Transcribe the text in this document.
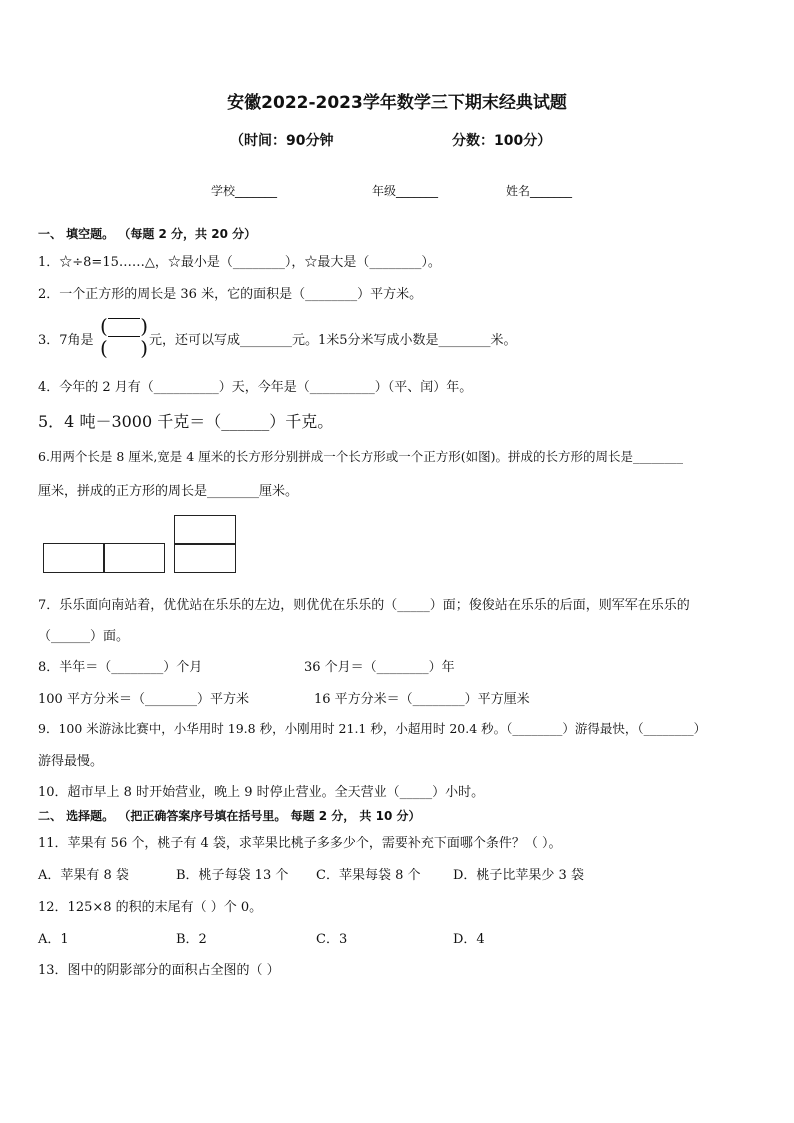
安徽2022-2023学年数学三下期末经典试题
（时间：90分钟	分数：100分）
学校_______	年级_______	姓名_______
一、 填空题。 （每题 2 分，共 20 分）
1．☆÷8=15……△，☆最小是（________），☆最大是（________）。
2．一个正方形的周长是 36 米，它的面积是（________）平方米。
3．7角是
( )
( ) 元，还可以写成________元。1米5分米写成小数是________米。
4．今年的 2 月有（__________）天，今年是（__________）（平、闰）年。
5．4 吨－3000 千克＝（______）千克。
6.用两个长是 8 厘米,宽是 4 厘米的长方形分别拼成一个长方形或一个正方形(如图)。拼成的长方形的周长是________
厘米，拼成的正方形的周长是________厘米。
7．乐乐面向南站着，优优站在乐乐的左边，则优优在乐乐的（_____）面；俊俊站在乐乐的后面，则军军在乐乐的
（______）面。
8．半年＝（________）个月	36 个月＝（________）年
100 平方分米＝（________）平方米	16 平方分米＝（________）平方厘米
9．100 米游泳比赛中，小华用时 19.8 秒，小刚用时 21.1 秒，小超用时 20.4 秒。（________）游得最快，（________）
游得最慢。
10．超市早上 8 时开始营业，晚上 9 时停止营业。全天营业（_____）小时。
二、 选择题。 （把正确答案序号填在括号里。 每题 2 分， 共 10 分）
11．苹果有 56 个，桃子有 4 袋，求苹果比桃子多多少个，需要补充下面哪个条件？（ ）。
A．苹果有 8 袋	B．桃子每袋 13 个 C．苹果每袋 8 个	D．桃子比苹果少 3 袋
12．125×8 的积的末尾有（ ）个 0。
A．1	B．2	C．3	D．4
13．图中的阴影部分的面积占全图的（ ）
